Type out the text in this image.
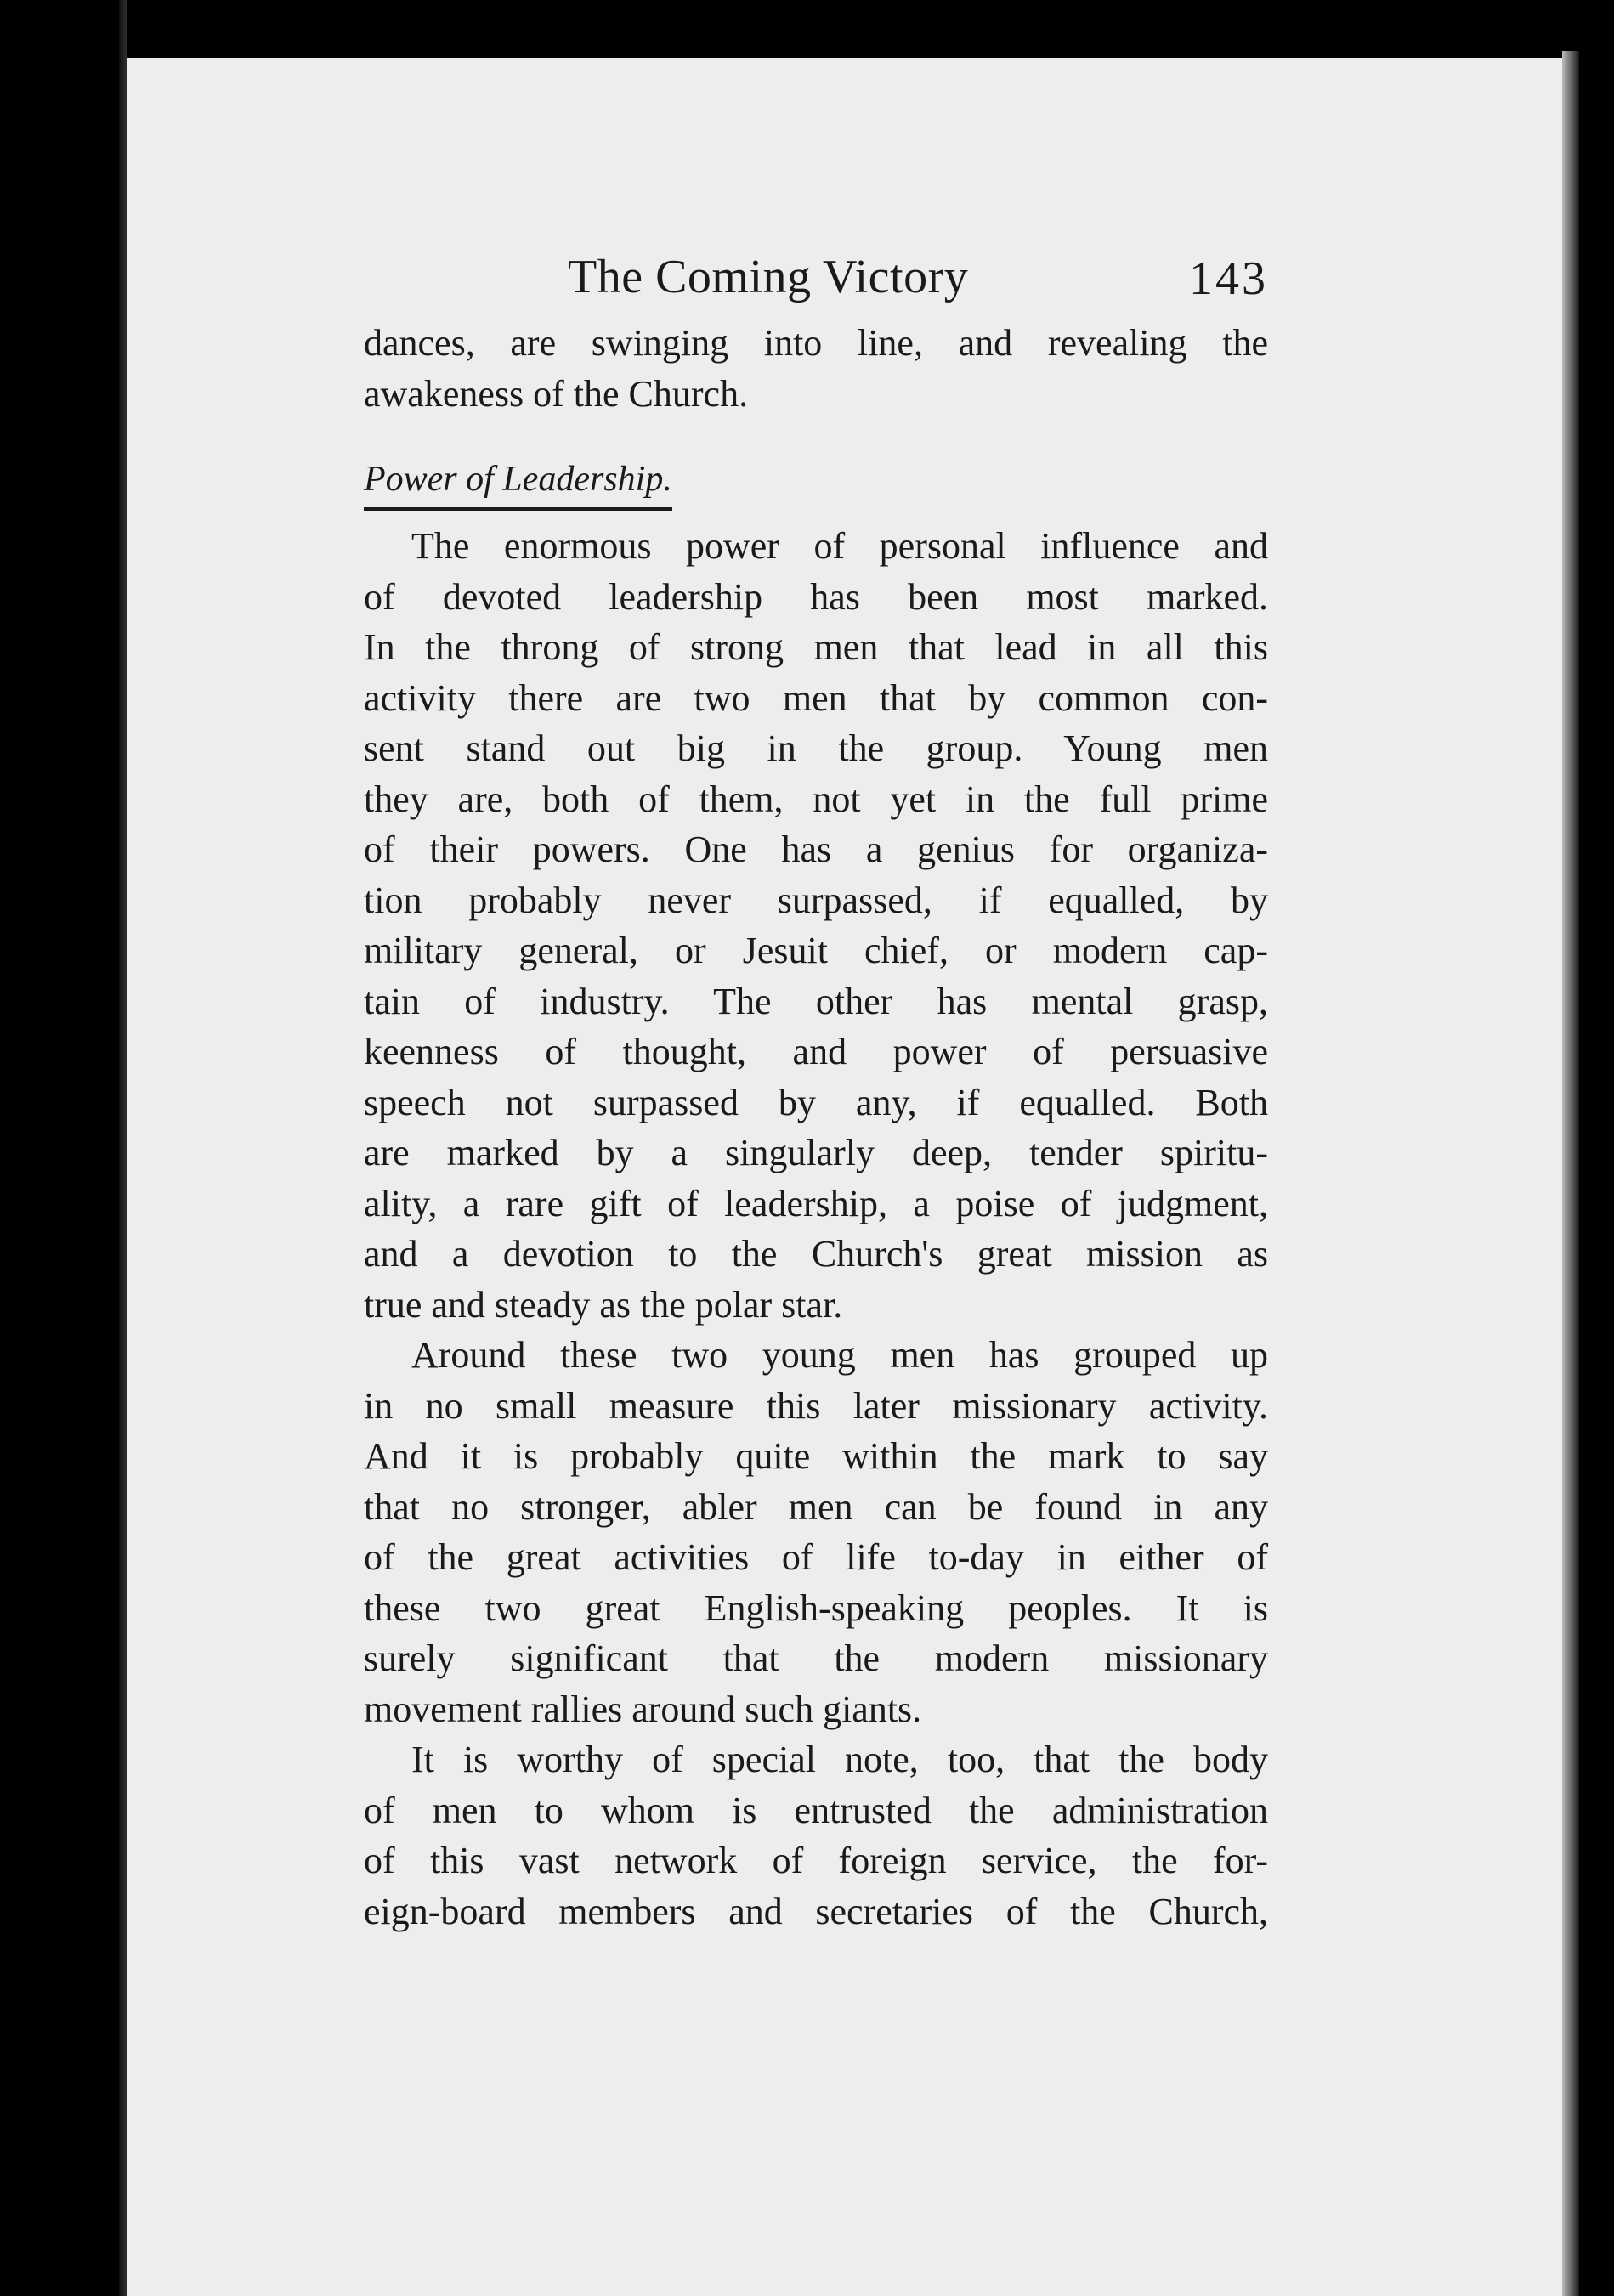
The Coming Victory	143

dances, are swinging into line, and revealing the
awakeness of the Church.

Power of Leadership.

The enormous power of personal influence and
of devoted leadership has been most marked.
In the throng of strong men that lead in all this
activity there are two men that by common con-
sent stand out big in the group. Young men
they are, both of them, not yet in the full prime
of their powers. One has a genius for organiza-
tion probably never surpassed, if equalled, by
military general, or Jesuit chief, or modern cap-
tain of industry. The other has mental grasp,
keenness of thought, and power of persuasive
speech not surpassed by any, if equalled. Both
are marked by a singularly deep, tender spiritu-
ality, a rare gift of leadership, a poise of judgment,
and a devotion to the Church's great mission as
true and steady as the polar star.

Around these two young men has grouped up
in no small measure this later missionary activity.
And it is probably quite within the mark to say
that no stronger, abler men can be found in any
of the great activities of life to-day in either of
these two great English-speaking peoples. It is
surely significant that the modern missionary
movement rallies around such giants.

It is worthy of special note, too, that the body
of men to whom is entrusted the administration
of this vast network of foreign service, the for-
eign-board members and secretaries of the Church,
